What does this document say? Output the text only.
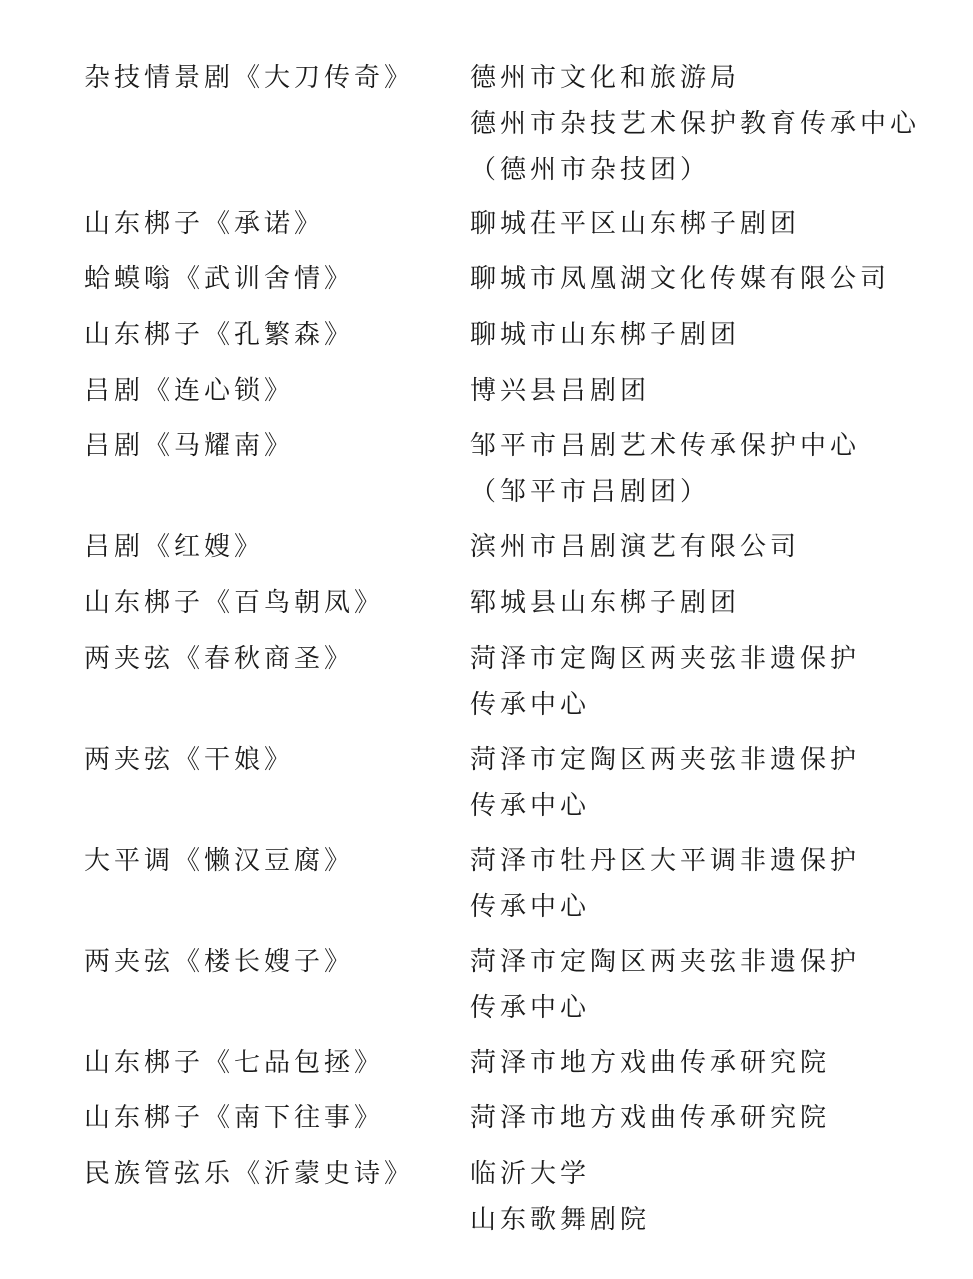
杂技情景剧《大刀传奇》	德州市文化和旅游局
德州市杂技艺术保护教育传承中心
（德州市杂技团）
山东梆子《承诺》	聊城茌平区山东梆子剧团
蛤蟆嗡《武训舍情》	聊城市凤凰湖文化传媒有限公司
山东梆子《孔繁森》	聊城市山东梆子剧团
吕剧《连心锁》	博兴县吕剧团
吕剧《马耀南》	邹平市吕剧艺术传承保护中心
（邹平市吕剧团）
吕剧《红嫂》	滨州市吕剧演艺有限公司
山东梆子《百鸟朝凤》	郓城县山东梆子剧团
两夹弦《春秋商圣》	菏泽市定陶区两夹弦非遗保护
传承中心
两夹弦《干娘》	菏泽市定陶区两夹弦非遗保护
传承中心
大平调《懒汉豆腐》	菏泽市牡丹区大平调非遗保护
传承中心
两夹弦《楼长嫂子》	菏泽市定陶区两夹弦非遗保护
传承中心
山东梆子《七品包拯》	菏泽市地方戏曲传承研究院
山东梆子《南下往事》	菏泽市地方戏曲传承研究院
民族管弦乐《沂蒙史诗》	临沂大学
山东歌舞剧院
